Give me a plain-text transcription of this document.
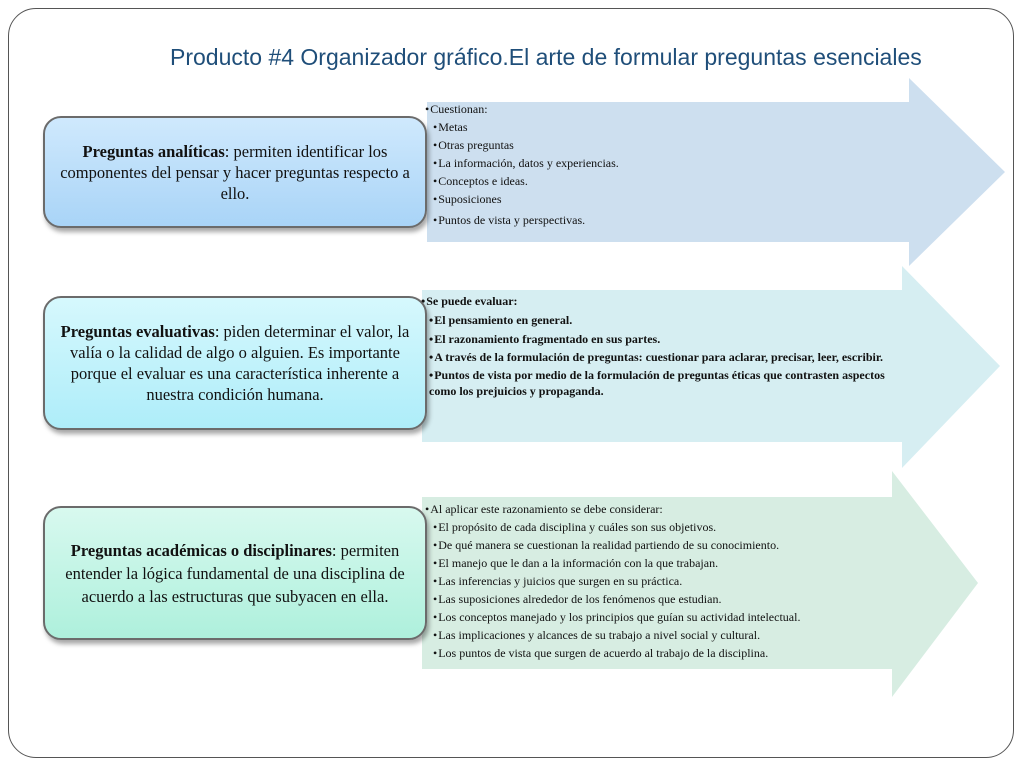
Producto #4 Organizador gráfico.El arte de formular preguntas esenciales
• Cuestionan:
• Metas
• Otras preguntas
• La información, datos y experiencias.
• Conceptos e ideas.
• Suposiciones
• Puntos de vista y perspectivas.
• Se puede evaluar:
• El pensamiento en general.
• El razonamiento fragmentado en sus partes.
• A través de la formulación de preguntas: cuestionar para aclarar, precisar, leer, escribir.
• Puntos de vista por medio de la formulación de preguntas éticas que contrasten aspectos como los prejuicios y propaganda.
• Al aplicar este razonamiento se debe considerar:
• El propósito de cada disciplina y cuáles son sus objetivos.
• De qué manera se cuestionan la realidad partiendo de su conocimiento.
• El manejo que le dan a la información con la que trabajan.
• Las inferencias y juicios que surgen en su práctica.
• Las suposiciones alrededor de los fenómenos que estudian.
• Los conceptos manejado y los principios que guían su actividad intelectual.
• Las implicaciones y alcances de su trabajo a nivel social y cultural.
• Los puntos de vista que surgen de acuerdo al trabajo de la disciplina.

Preguntas analíticas: permiten identificar los componentes del pensar y hacer preguntas respecto a ello.

Preguntas evaluativas: piden determinar el valor, la valía o la calidad de algo o alguien. Es importante porque el evaluar es una característica inherente a nuestra condición humana.

Preguntas académicas o disciplinares: permiten entender la lógica fundamental de una disciplina de acuerdo a las estructuras que subyacen en ella.
